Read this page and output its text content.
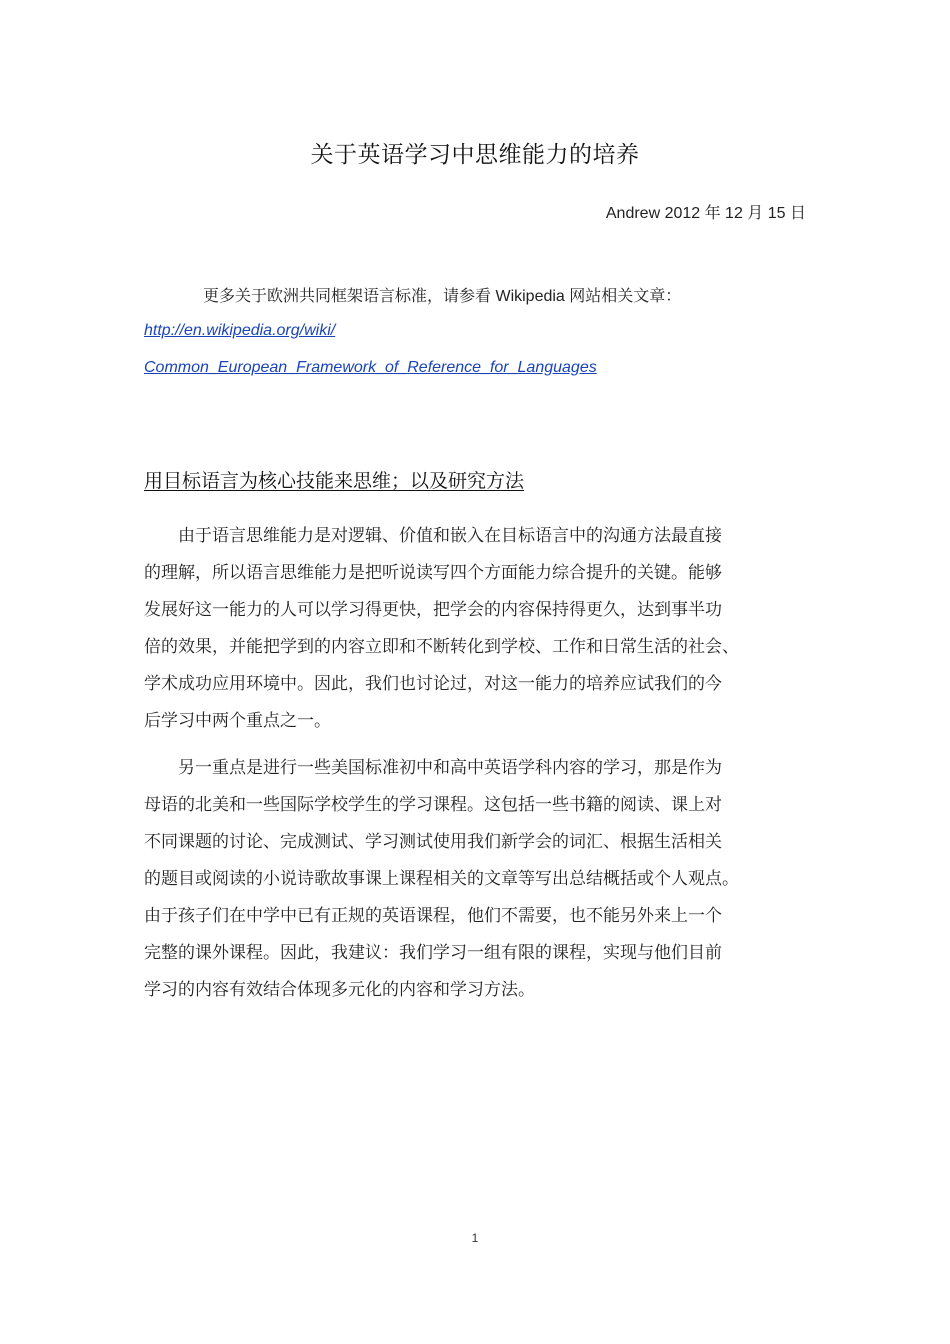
关于英语学习中思维能力的培养
Andrew 2012 年 12 月 15 日
更多关于欧洲共同框架语言标准，请参看 Wikipedia 网站相关文章：
http://en.wikipedia.org/wiki/
Common_European_Framework_of_Reference_for_Languages
用目标语言为核心技能来思维；以及研究方法
由于语言思维能力是对逻辑、价值和嵌入在目标语言中的沟通方法最直接
的理解，所以语言思维能力是把听说读写四个方面能力综合提升的关键。能够
发展好这一能力的人可以学习得更快，把学会的内容保持得更久，达到事半功
倍的效果，并能把学到的内容立即和不断转化到学校、工作和日常生活的社会、
学术成功应用环境中。因此，我们也讨论过，对这一能力的培养应试我们的今
后学习中两个重点之一。
另一重点是进行一些美国标准初中和高中英语学科内容的学习，那是作为
母语的北美和一些国际学校学生的学习课程。这包括一些书籍的阅读、课上对
不同课题的讨论、完成测试、学习测试使用我们新学会的词汇、根据生活相关
的题目或阅读的小说诗歌故事课上课程相关的文章等写出总结概括或个人观点。
由于孩子们在中学中已有正规的英语课程，他们不需要，也不能另外来上一个
完整的课外课程。因此，我建议：我们学习一组有限的课程，实现与他们目前
学习的内容有效结合体现多元化的内容和学习方法。
1
